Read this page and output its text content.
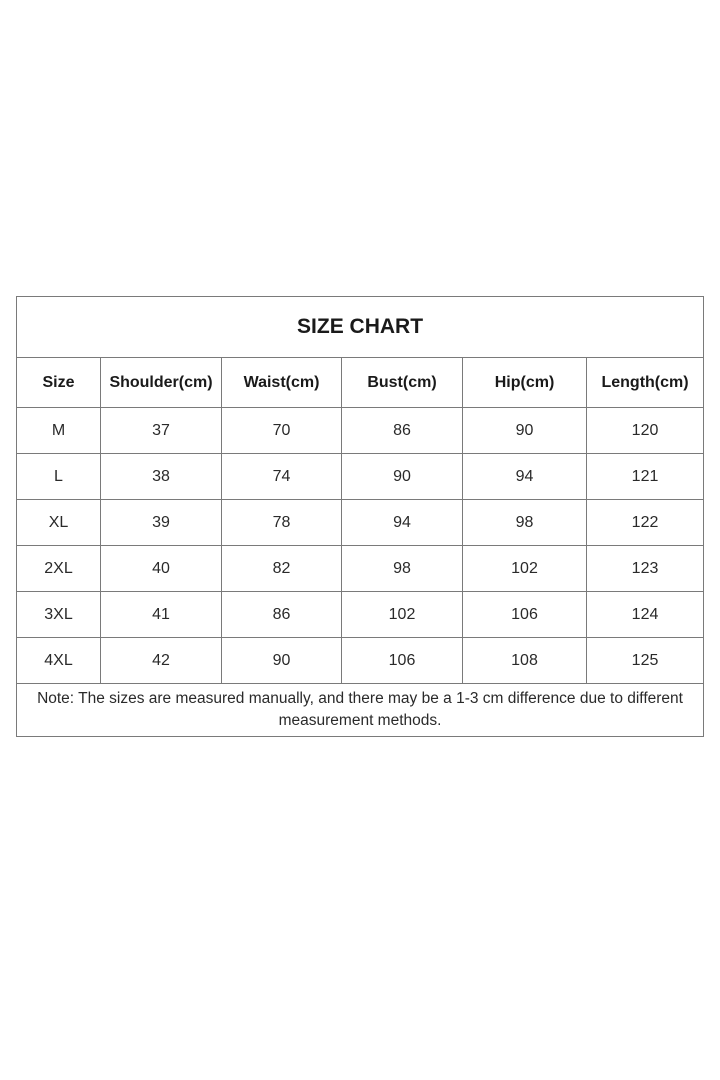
SIZE CHART					
Size	Shoulder(cm)	Waist(cm)	Bust(cm)	Hip(cm)	Length(cm)
M	37	70	86	90	120
L	38	74	90	94	121
XL	39	78	94	98	122
2XL	40	82	98	102	123
3XL	41	86	102	106	124
4XL	42	90	106	108	125
Note: The sizes are measured manually, and there may be a 1-3 cm difference due to different measurement methods.					
